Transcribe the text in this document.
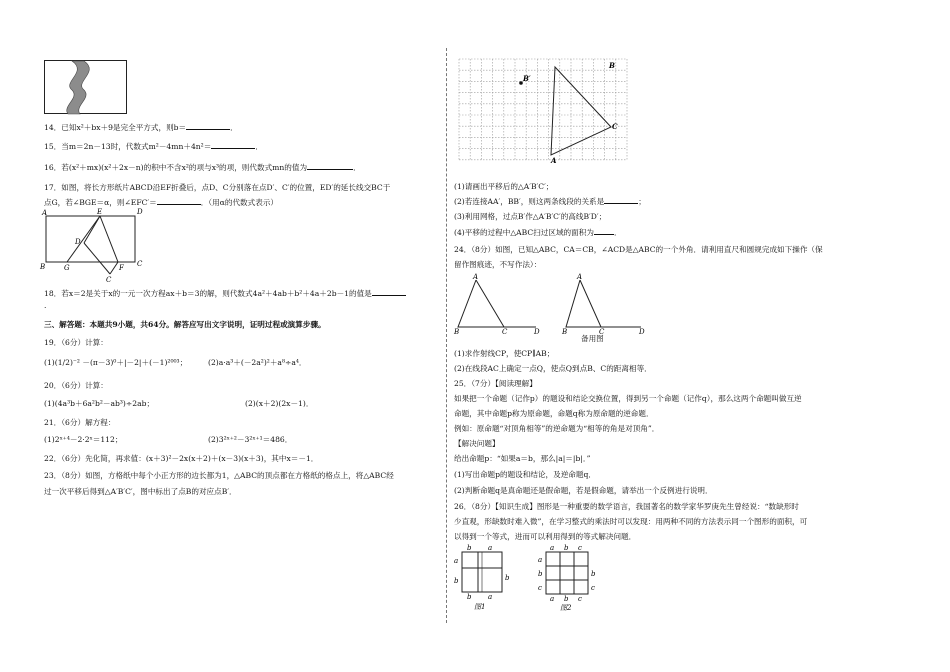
14．已知x²＋bx＋9是完全平方式，则b＝	．
15．当m＝2n－13时，代数式m²－4mn＋4n²＝	．
16．若(x²＋mx)(x²＋2x－n)的积中不含x²的项与x³的项，则代数式mn的值为	．
17．如图，将长方形纸片ABCD沿EF折叠后，点D、C分别落在点D′、C′的位置，ED′的延长线交BC于
点G，若∠BGE＝α，则∠EFC′＝	．（用α的代数式表示）
A	E	D
D
B	G	F C
C
18．若x＝2是关于x的一元一次方程ax＋b＝3的解，则代数式4a²＋4ab＋b²＋4a＋2b－1的值是
.
三、解答题：本题共9小题，共64分。解答应写出文字说明，证明过程或演算步骤。
19．（6分）计算：
(1)(1/2)⁻² －(π－3)⁰＋|－2|＋(－1)²⁰⁰³；	(2)a·a³＋(－2a²)²＋a⁸÷a⁴．
20．（6分）计算：
(1)(4a³b＋6a²b²－ab³)÷2ab；	(2)(x＋2)(2x－1)．
21．（6分）解方程：
(1)2ˣ⁺⁴－2·2ˣ＝112；	(2)3²ˣ⁺²－3²ˣ⁺¹＝486．
22．（6分）先化简，再求值：(x＋3)²－2x(x＋2)＋(x－3)(x＋3)，其中x＝－1．
23．（8分）如图，方格纸中每个小正方形的边长都为1，△ABC的顶点都在方格纸的格点上，将△ABC经
过一次平移后得到△A′B′C′，图中标出了点B的对应点B′．
B′
B
C
A
(1)请画出平移后的△A′B′C′；
(2)若连接AA′，BB′，则这两条线段的关系是	；
(3)利用网格，过点B′作△A′B′C′的高线B′D′；
(4)平移的过程中△ABC扫过区域的面积为	．
24．（8分）如图，已知△ABC，CA＝CB，∠ACD是△ABC的一个外角．请利用直尺和圆规完成如下操作（保
留作图痕迹，不写作法）：
A
B	C	D
A
B	C	D
备用图
(1)求作射线CP，使CP∥AB；
(2)在线段AC上确定一点Q，使点Q到点B、C的距离相等．
25．（7分）【阅读理解】
如果把一个命题（记作p）的题设和结论交换位置，得到另一个命题（记作q），那么这两个命题叫做互逆
命题，其中命题p称为原命题，命题q称为原命题的逆命题．
例如：原命题“对顶角相等”的逆命题为“相等的角是对顶角”．
【解决问题】
给出命题p：“如果a＝b，那么|a|＝|b|．”
(1)写出命题p的题设和结论，及逆命题q．
(2)判断命题q是真命题还是假命题，若是假命题，请举出一个反例进行说明．
26．（8分）【知识生成】图形是一种重要的数学语言，我国著名的数学家华罗庚先生曾经说：“数缺形时
少直观，形缺数时难入微”，在学习整式的乘法时可以发现：用两种不同的方法表示同一个图形的面积，可
以得到一个等式，进而可以利用得到的等式解决问题．
b a
a
b	b
b a
图1
a b c
a
b
c
b
c
a b c
图2
